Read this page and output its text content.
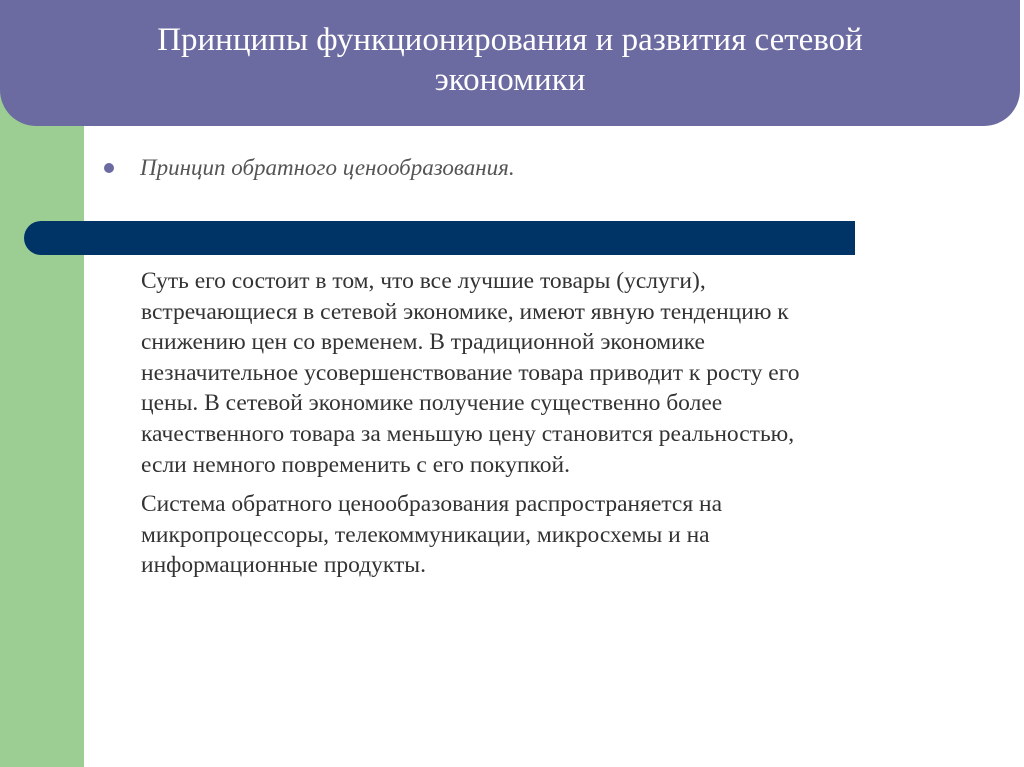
Принципы функционирования и развития сетевой
экономики
Принцип обратного ценообразования.
Суть его состоит в том, что все лучшие товары (услуги),
встречающиеся в сетевой экономике, имеют явную тенденцию к
снижению цен со временем. В традиционной экономике
незначительное усовершенствование товара приводит к росту его
цены. В сетевой экономике получение существенно более
качественного товара за меньшую цену становится реальностью,
если немного повременить с его покупкой.
Система обратного ценообразования распространяется на
микропроцессоры, телекоммуникации, микросхемы и на
информационные продукты.
